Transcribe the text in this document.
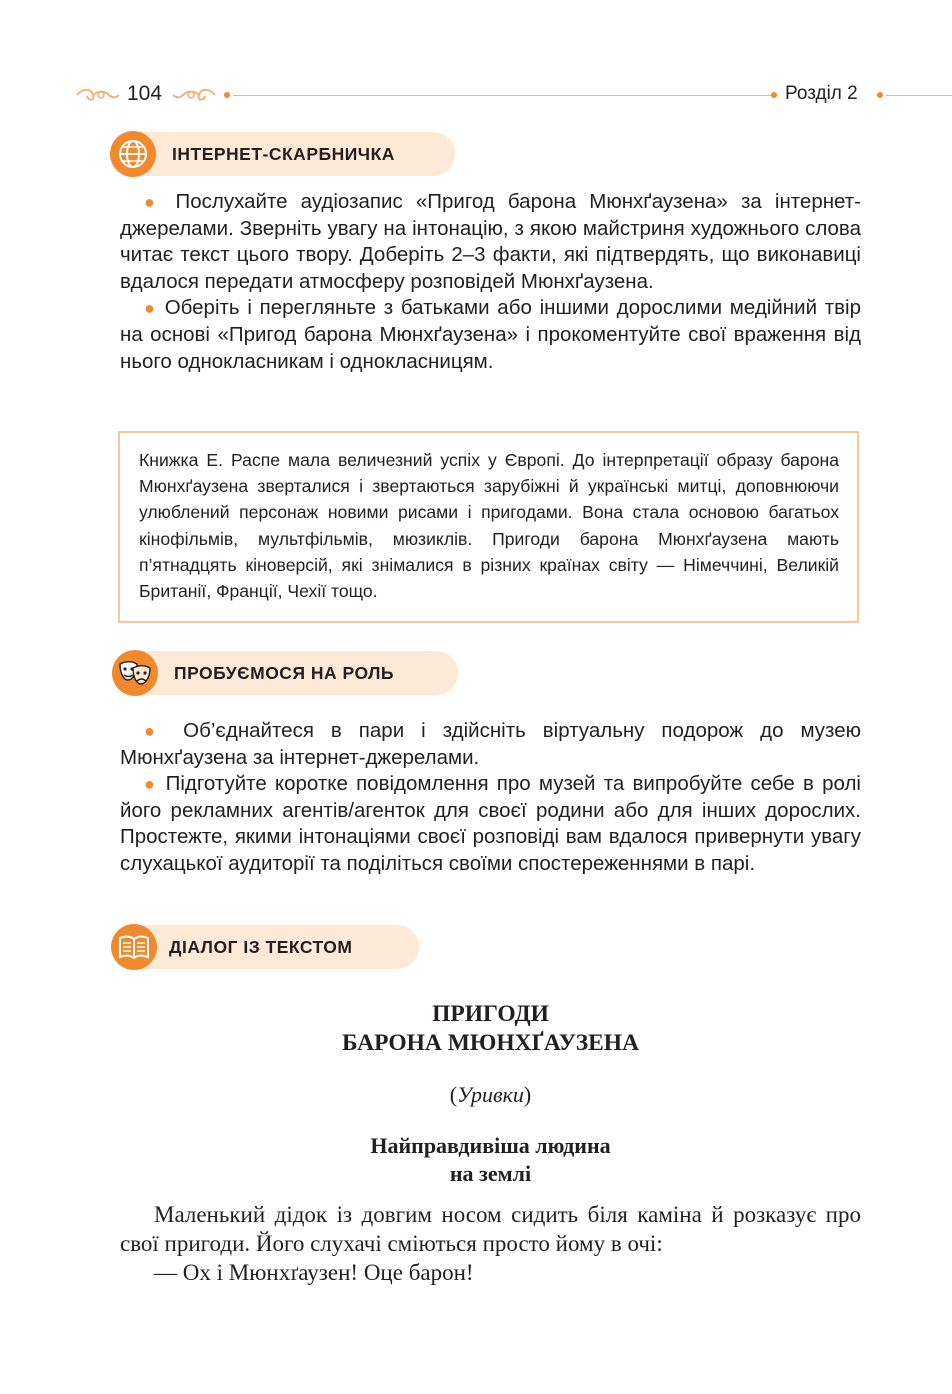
104	Розділ 2
ІНТЕРНЕТ-СКАРБНИЧКА

● Послухайте аудіозапис «Пригод барона Мюнхґаузена» за інтернет-джерелами. Зверніть увагу на інтонацію, з якою майстриня художнього слова читає текст цього твору. Доберіть 2–3 факти, які підтвердять, що виконавиці вдалося передати атмосферу розповідей Мюнхґаузена.

● Оберіть і перегляньте з батьками або іншими дорослими медійний твір на основі «Пригод барона Мюнхґаузена» і прокоментуйте свої враження від нього однокласникам і однокласницям.

Книжка Е. Распе мала величезний успіх у Європі. До інтерпретації образу барона Мюнхґаузена зверталися і звертаються зарубіжні й українські митці, доповнюючи улюблений персонаж новими рисами і пригодами. Вона стала основою багатьох кінофільмів, мультфільмів, мюзиклів. Пригоди барона Мюнхґаузена мають п’ятнадцять кіноверсій, які знімалися в різних країнах світу — Німеччині, Великій Британії, Франції, Чехії тощо.
ПРОБУЄМОСЯ НА РОЛЬ

● Об’єднайтеся в пари і здійсніть віртуальну подорож до музею Мюнхґаузена за інтернет-джерелами.

● Підготуйте коротке повідомлення про музей та випробуйте себе в ролі його рекламних агентів/агенток для своєї родини або для інших дорослих. Простежте, якими інтонаціями своєї розповіді вам вдалося привернути увагу слухацької аудиторії та поділіться своїми спостереженнями в парі.

ДІАЛОГ ІЗ ТЕКСТОМ
ПРИГОДИ
БАРОНА МЮНХҐАУЗЕНА
(Уривки)
Найправдивіша людина
на землі

Маленький дідок із довгим носом сидить біля каміна й розказує про свої пригоди. Його слухачі сміються просто йому в очі:

— Ох і Мюнхґаузен! Оце барон!
